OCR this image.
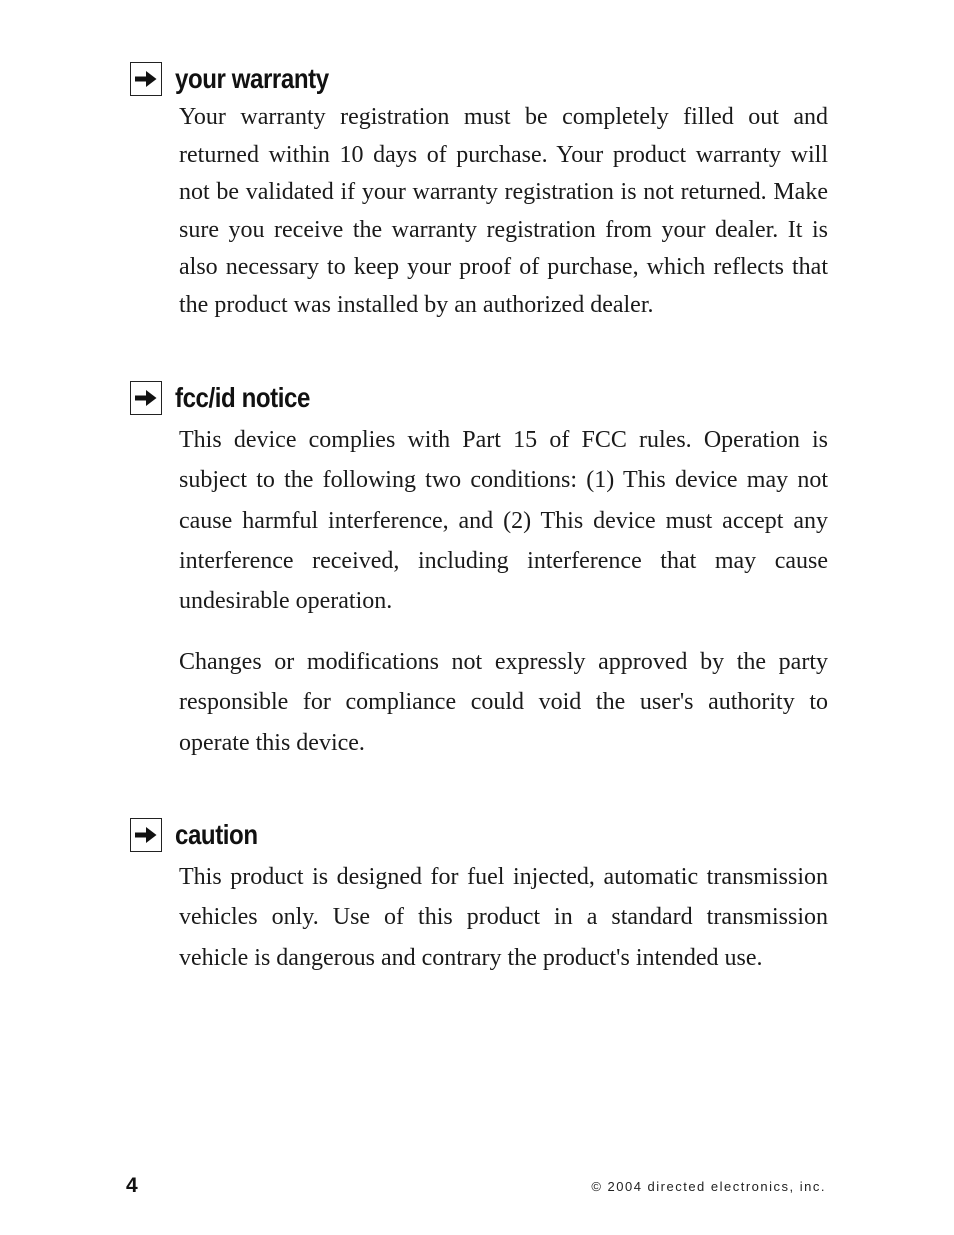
your warranty

Your warranty registration must be completely filled out and returned within 10 days of purchase. Your product warranty will not be validated if your warranty registration is not returned. Make sure you receive the warranty registration from your dealer. It is also necessary to keep your proof of purchase, which reflects that the product was installed by an authorized dealer.

fcc/id notice

This device complies with Part 15 of FCC rules. Operation is subject to the following two conditions: (1) This device may not cause harmful interference, and (2) This device must accept any interference received, including interference that may cause undesirable operation.

Changes or modifications not expressly approved by the party responsible for compliance could void the user's authority to operate this device.

caution

This product is designed for fuel injected, automatic transmission vehicles only. Use of this product in a standard transmission vehicle is dangerous and contrary the product's intended use.

4	© 2004 directed electronics, inc.
